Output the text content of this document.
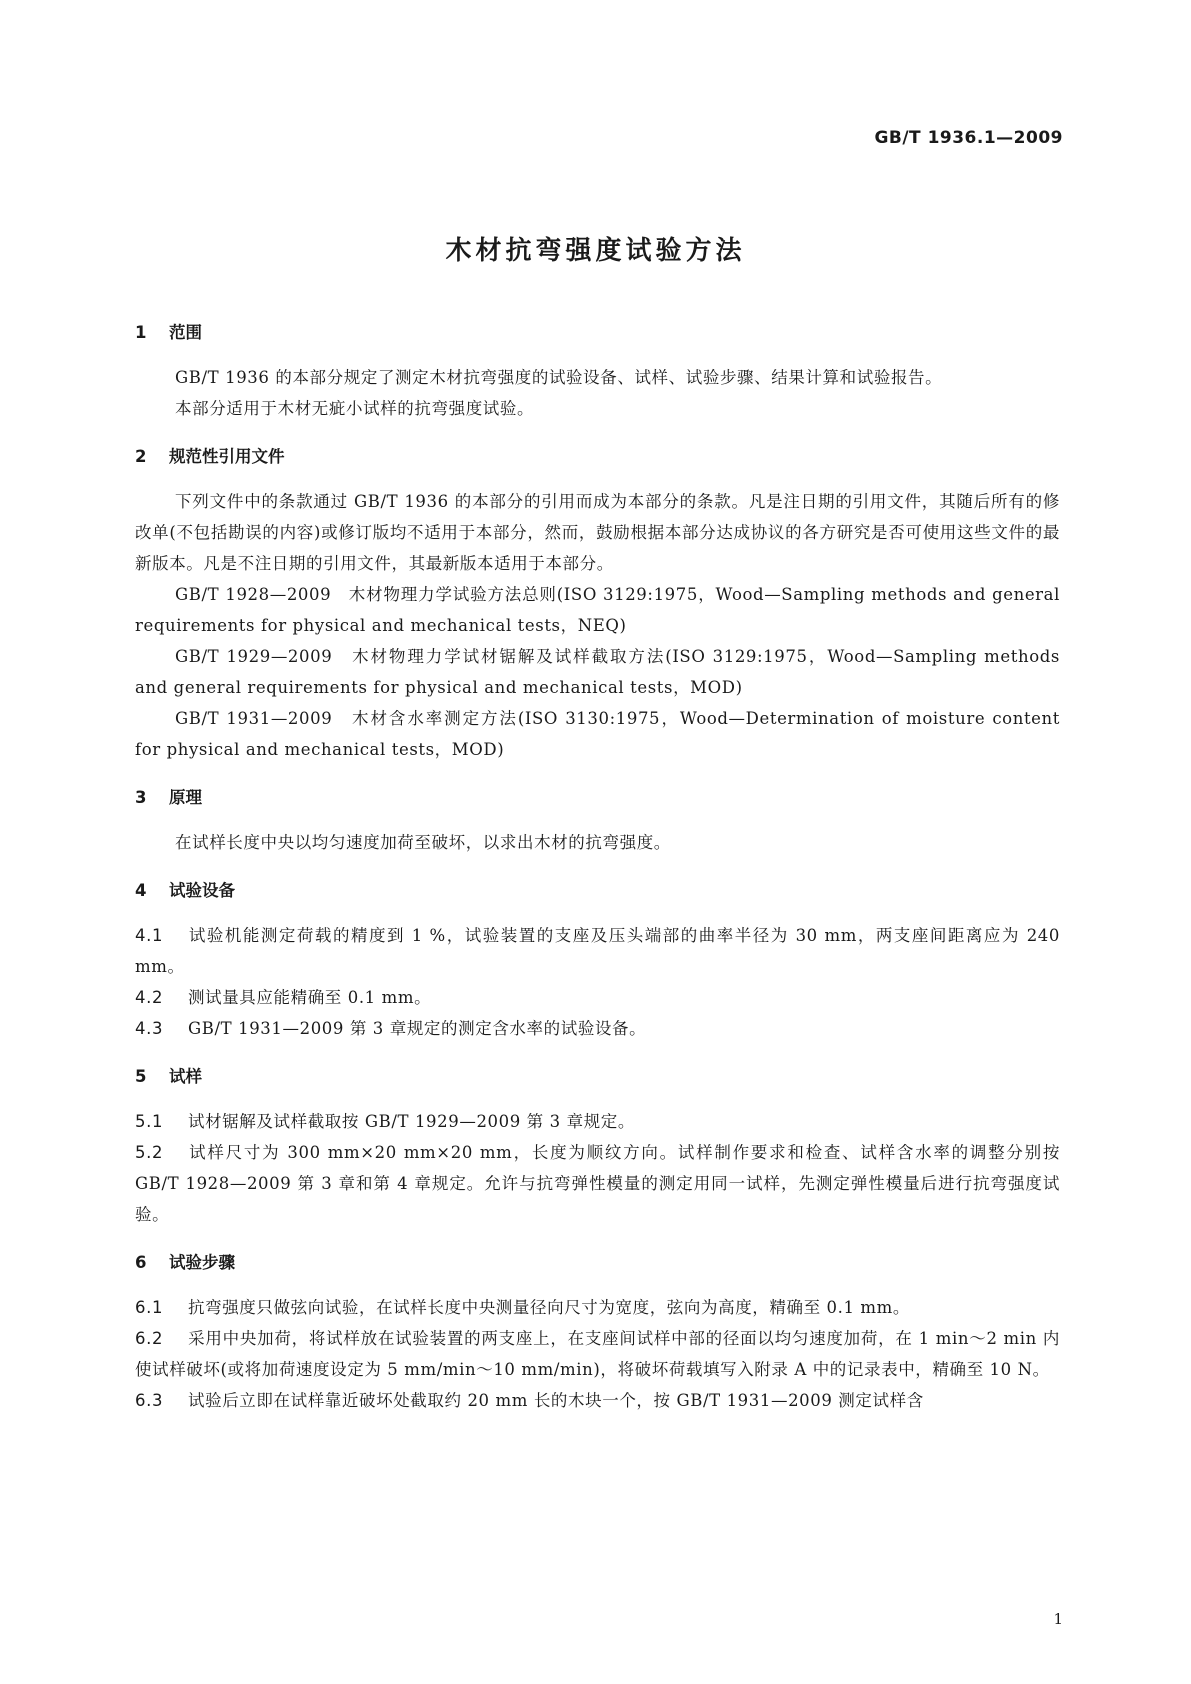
GB/T 1936.1—2009
木材抗弯强度试验方法
1 范围

GB/T 1936 的本部分规定了测定木材抗弯强度的试验设备、试样、试验步骤、结果计算和试验报告。

本部分适用于木材无疵小试样的抗弯强度试验。

2 规范性引用文件

下列文件中的条款通过 GB/T 1936 的本部分的引用而成为本部分的条款。凡是注日期的引用文件，其随后所有的修改单(不包括勘误的内容)或修订版均不适用于本部分，然而，鼓励根据本部分达成协议的各方研究是否可使用这些文件的最新版本。凡是不注日期的引用文件，其最新版本适用于本部分。

GB/T 1928—2009　木材物理力学试验方法总则(ISO 3129:1975，Wood—Sampling methods and general requirements for physical and mechanical tests，NEQ)

GB/T 1929—2009　木材物理力学试材锯解及试样截取方法(ISO 3129:1975，Wood—Sampling methods and general requirements for physical and mechanical tests，MOD)

GB/T 1931—2009　木材含水率测定方法(ISO 3130:1975，Wood—Determination of moisture content for physical and mechanical tests，MOD)

3 原理

在试样长度中央以均匀速度加荷至破坏，以求出木材的抗弯强度。

4 试验设备

4.1 试验机能测定荷载的精度到 1 %，试验装置的支座及压头端部的曲率半径为 30 mm，两支座间距离应为 240 mm。

4.2 测试量具应能精确至 0.1 mm。

4.3 GB/T 1931—2009 第 3 章规定的测定含水率的试验设备。

5 试样

5.1 试材锯解及试样截取按 GB/T 1929—2009 第 3 章规定。

5.2 试样尺寸为 300 mm×20 mm×20 mm，长度为顺纹方向。试样制作要求和检查、试样含水率的调整分别按 GB/T 1928—2009 第 3 章和第 4 章规定。允许与抗弯弹性模量的测定用同一试样，先测定弹性模量后进行抗弯强度试验。

6 试验步骤

6.1 抗弯强度只做弦向试验，在试样长度中央测量径向尺寸为宽度，弦向为高度，精确至 0.1 mm。

6.2 采用中央加荷，将试样放在试验装置的两支座上，在支座间试样中部的径面以均匀速度加荷，在 1 min～2 min 内使试样破坏(或将加荷速度设定为 5 mm/min～10 mm/min)，将破坏荷载填写入附录 A 中的记录表中，精确至 10 N。

6.3 试验后立即在试样靠近破坏处截取约 20 mm 长的木块一个，按 GB/T 1931—2009 测定试样含

1
